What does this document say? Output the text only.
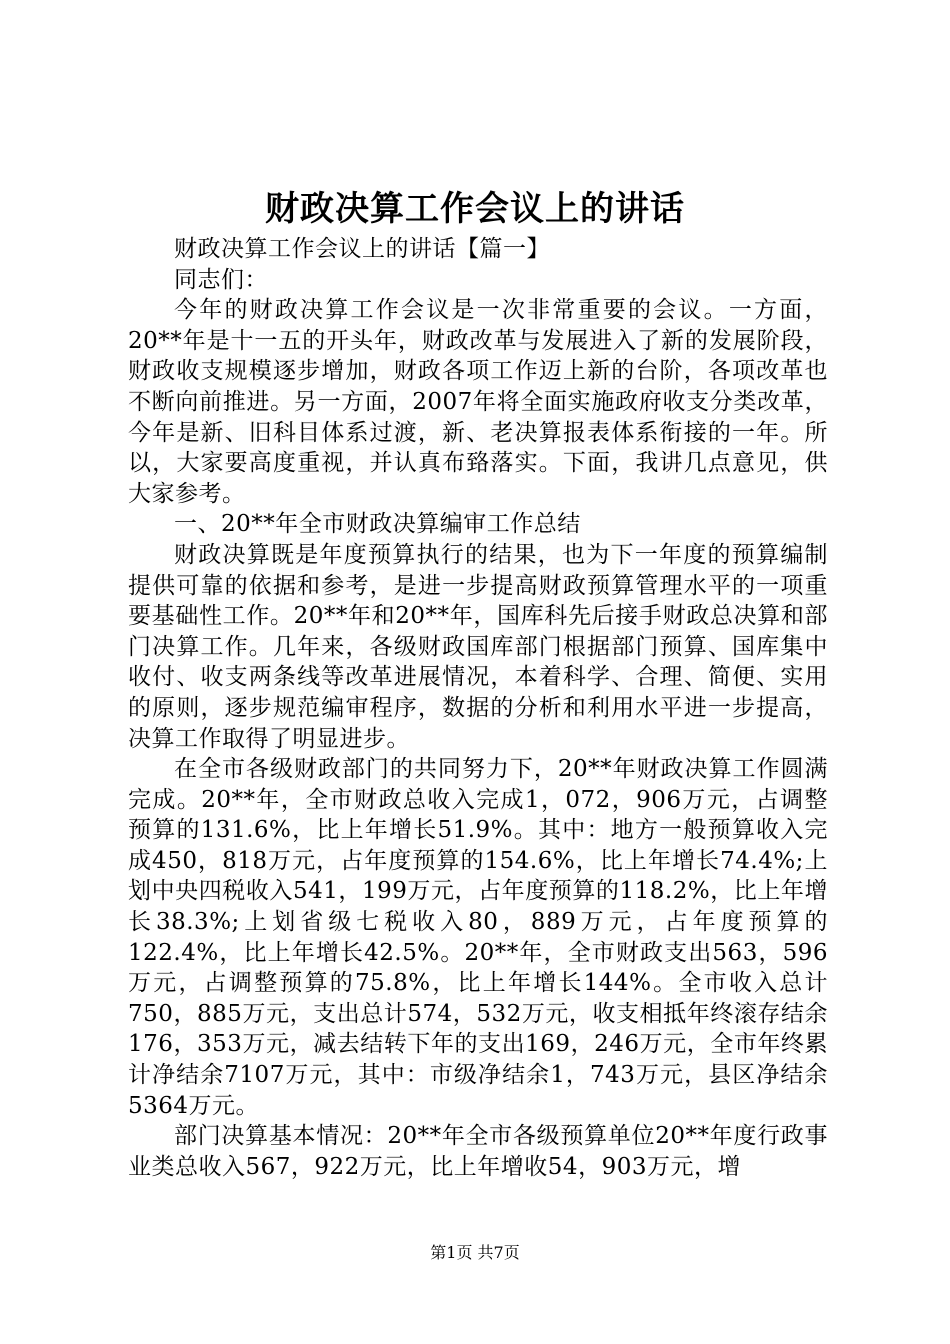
财政决算工作会议上的讲话

财政决算工作会议上的讲话【篇一】

同志们：

今年的财政决算工作会议是一次非常重要的会议。一方面，20**年是十一五的开头年，财政改革与发展进入了新的发展阶段，财政收支规模逐步增加，财政各项工作迈上新的台阶，各项改革也不断向前推进。另一方面，2007年将全面实施政府收支分类改革，今年是新、旧科目体系过渡，新、老决算报表体系衔接的一年。所以，大家要高度重视，并认真布臵落实。下面，我讲几点意见，供大家参考。

一、20**年全市财政决算编审工作总结

财政决算既是年度预算执行的结果，也为下一年度的预算编制提供可靠的依据和参考，是进一步提高财政预算管理水平的一项重要基础性工作。20**年和20**年，国库科先后接手财政总决算和部门决算工作。几年来，各级财政国库部门根据部门预算、国库集中收付、收支两条线等改革进展情况，本着科学、合理、简便、实用的原则，逐步规范编审程序，数据的分析和利用水平进一步提高，决算工作取得了明显进步。

在全市各级财政部门的共同努力下，20**年财政决算工作圆满完成。20**年，全市财政总收入完成1，072，906万元，占调整预算的131.6%，比上年增长51.9%。其中：地方一般预算收入完成450，818万元，占年度预算的154.6%，比上年增长74.4%;上划中央四税收入541，199万元，占年度预算的118.2%，比上年增长38.3%;上划省级七税收入80，889万元，占年度预算的122.4%，比上年增长42.5%。20**年，全市财政支出563，596万元，占调整预算的75.8%，比上年增长144%。全市收入总计750，885万元，支出总计574，532万元，收支相抵年终滚存结余176，353万元，减去结转下年的支出169，246万元，全市年终累计净结余7107万元，其中：市级净结余1，743万元，县区净结余5364万元。

部门决算基本情况：20**年全市各级预算单位20**年度行政事业类总收入567，922万元，比上年增收54，903万元，增

第1页 共7页
